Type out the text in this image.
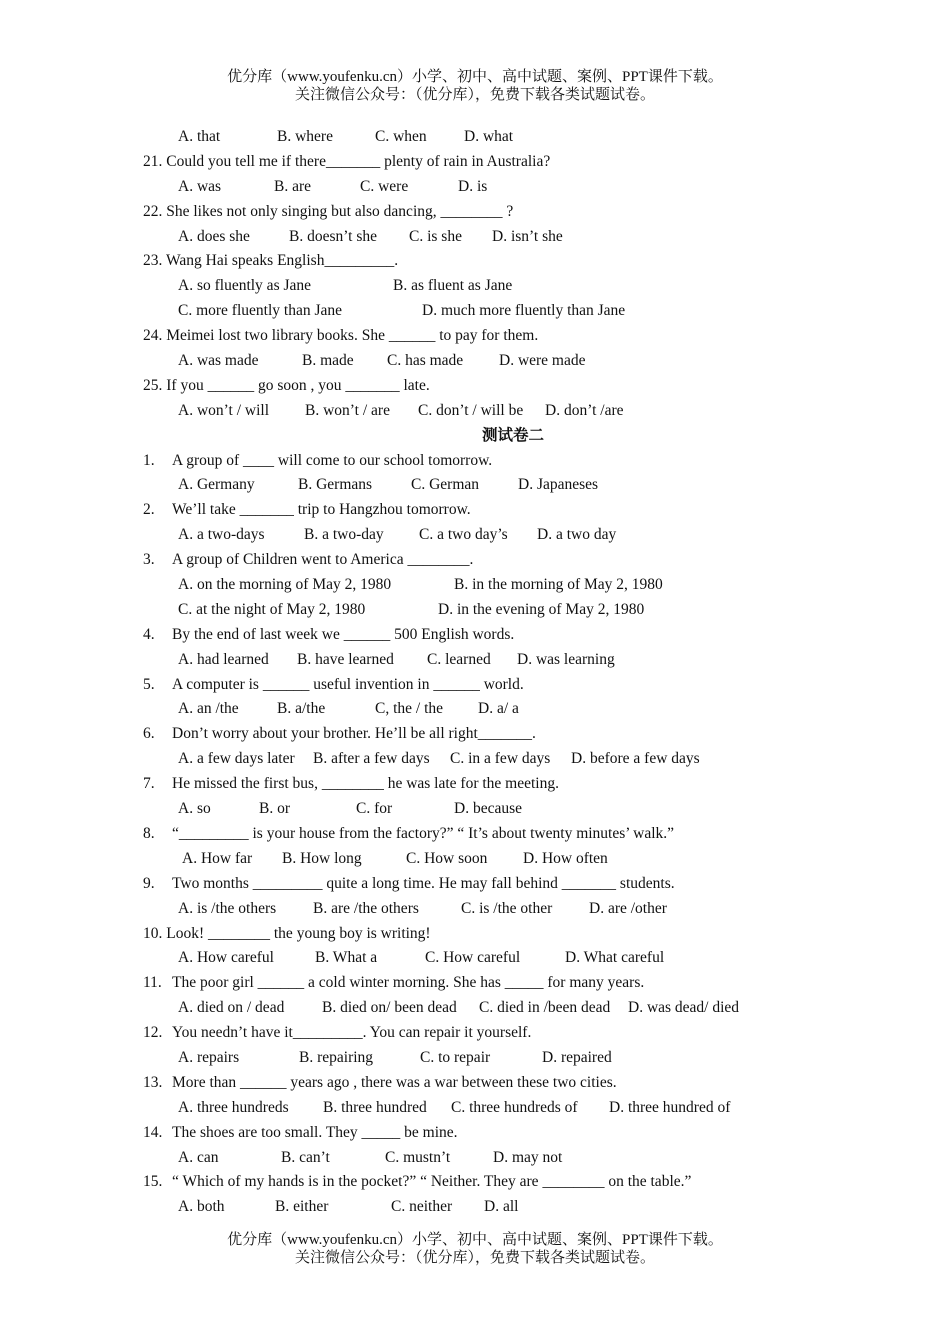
优分库（www.youfenku.cn）小学、初中、高中试题、案例、PPT课件下载。
关注微信公众号：（优分库），免费下载各类试题试卷。
A. that	B. where	C. when D. what
21. Could you tell me if there_______ plenty of rain in Australia?
A. was	B. are	C. were	D. is
22. She likes not only singing but also dancing, ________ ?
A. does she	B. doesn’t she C. is she D. isn’t she
23. Wang Hai speaks English_________.
A. so fluently as Jane	B. as fluent as Jane
C. more fluently than Jane	D. much more fluently than Jane
24. Meimei lost two library books. She ______ to pay for them.
A. was made	B. made C. has made D. were made
25. If you ______ go soon , you _______ late.
A. won’t / will B. won’t / are C. don’t / will be D. don’t /are
测试卷二
1. A group of ____ will come to our school tomorrow.
A. Germany	B. Germans	C. German	D. Japaneses
2. We’ll take _______ trip to Hangzhou tomorrow.
A. a two-days	B. a two-day C. a two day’s D. a two day
3. A group of Children went to America ________.
A. on the morning of May 2, 1980	B. in the morning of May 2, 1980
C. at the night of May 2, 1980	D. in the evening of May 2, 1980
4. By the end of last week we ______ 500 English words.
A. had learned B. have learned C. learned D. was learning
5. A computer is ______ useful invention in ______ world.
A. an /the B. a/the	C, the / the D. a/ a
6. Don’t worry about your brother. He’ll be all right_______.
A. a few days later B. after a few days C. in a few days D. before a few days
7. He missed the first bus, ________ he was late for the meeting.
A. so	B. or	C. for	D. because
8. “_________ is your house from the factory?” “ It’s about twenty minutes’ walk.”
A. How far B. How long	C. How soon D. How often
9. Two months _________ quite a long time. He may fall behind _______ students.
A. is /the others B. are /the others	C. is /the other D. are /other
10. Look! ________ the young boy is writing!
A. How careful	B. What a	C. How careful	D. What careful
11. The poor girl ______ a cold winter morning. She has _____ for many years.
A. died on / dead B. died on/ been dead C. died in /been dead D. was dead/ died
12. You needn’t have it_________. You can repair it yourself.
A. repairs	B. repairing	C. to repair	D. repaired
13. More than ______ years ago , there was a war between these two cities.
A. three hundreds B. three hundred C. three hundreds of D. three hundred of
14. The shoes are too small. They _____ be mine.
A. can	B. can’t	C. mustn’t	D. may not
15. “ Which of my hands is in the pocket?” “ Neither. They are ________ on the table.”
A. both	B. either	C. neither D. all
优分库（www.youfenku.cn）小学、初中、高中试题、案例、PPT课件下载。
关注微信公众号：（优分库），免费下载各类试题试卷。
